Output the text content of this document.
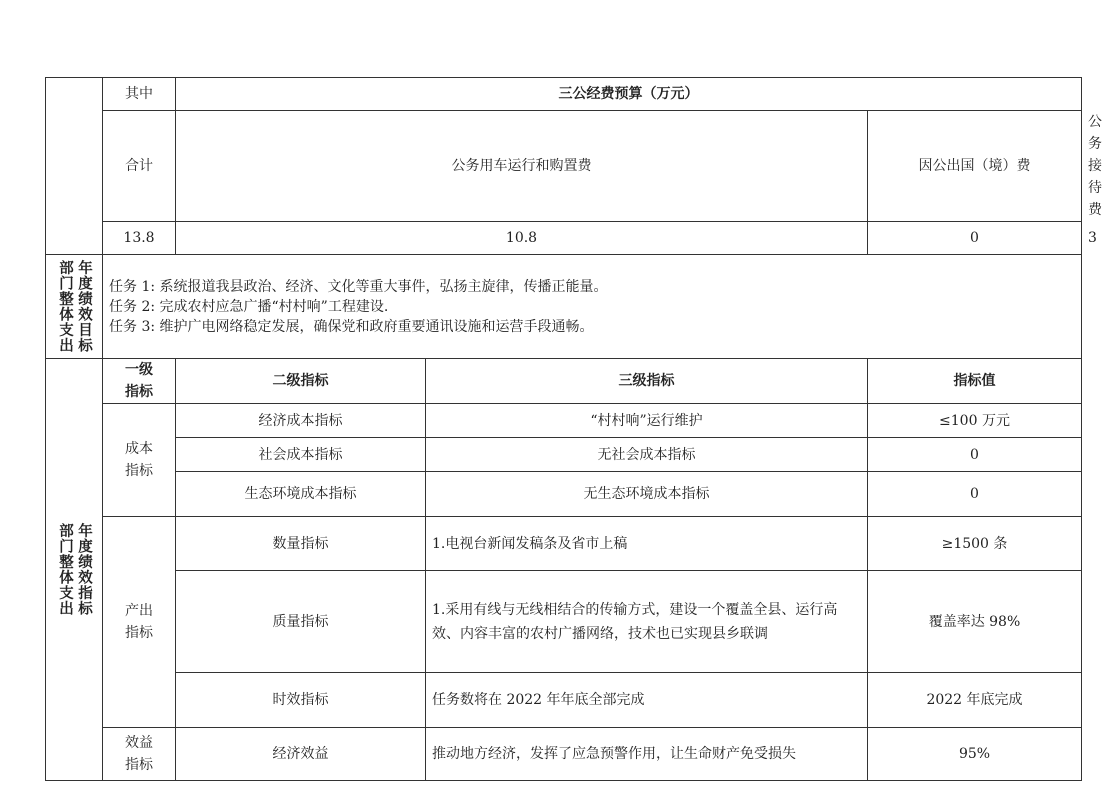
	其中	三公经费预算（万元）			
	合计	公务用车运行和购置费		因公出国（境）费	公务接待费
	13.8	10.8		0	3

年度绩效目标
部门整体支出	任务 1: 系统报道我县政治、经济、文化等重大事件，弘扬主旋律，传播正能量。
任务 2: 完成农村应急广播“村村响”工程建设.
任务 3: 维护广电网络稳定发展，确保党和政府重要通讯设施和运营手段通畅。				

年度绩效指标
部门整体支出	一级指标	二级指标	三级指标	指标值	
	成本指标	经济成本指标	“村村响”运行维护	≤100 万元	
		社会成本指标	无社会成本指标	0	
		生态环境成本指标	无生态环境成本指标	0	
	产出指标	数量指标	1.电视台新闻发稿条及省市上稿	≥1500 条	
		质量指标	1.采用有线与无线相结合的传输方式，建设一个覆盖全县、运行高效、内容丰富的农村广播网络，技术也已实现县乡联调	覆盖率达 98%	
		时效指标	任务数将在 2022 年年底全部完成	2022 年底完成	
	效益指标	经济效益	推动地方经济，发挥了应急预警作用，让生命财产免受损失	95%	
